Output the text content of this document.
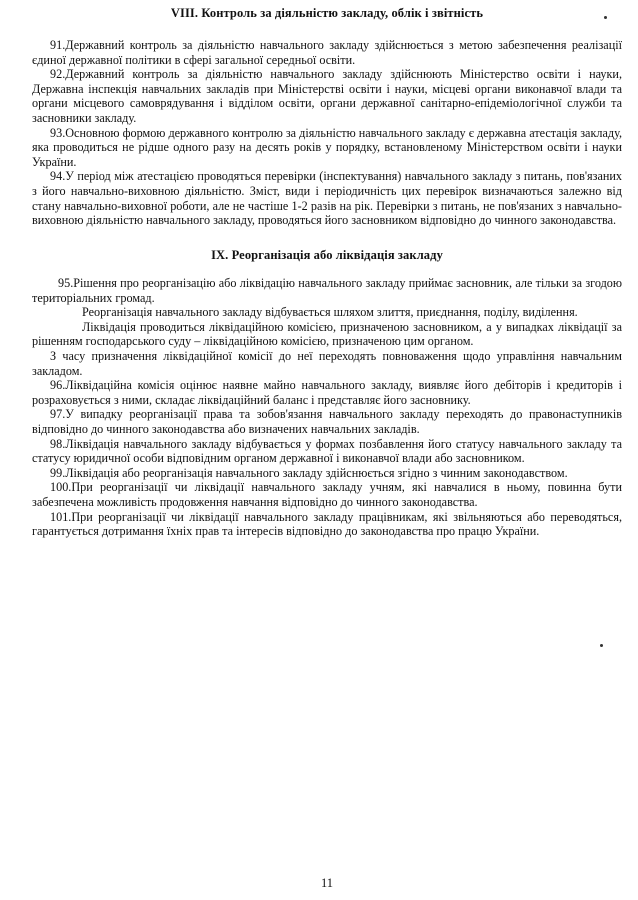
VIII. Контроль за діяльністю закладу, облік і звітність

91.Державний контроль за діяльністю навчального закладу здійснюється з метою забезпечення реалізації єдиної державної політики в сфері загальної середньої освіти.

92.Державний контроль за діяльністю навчального закладу здійснюють Міністерство освіти і науки, Державна інспекція навчальних закладів при Міністерстві освіти і науки, місцеві органи виконавчої влади та органи місцевого самоврядування і відділом освіти, органи державної санітарно-епідеміологічної служби та засновники закладу.

93.Основною формою державного контролю за діяльністю навчального закладу є державна атестація закладу, яка проводиться не рідше одного разу на десять років у порядку, встановленому Міністерством освіти і науки України.

94.У період між атестацією проводяться перевірки (інспектування) навчального закладу з питань, пов'язаних з його навчально-виховною діяльністю. Зміст, види і періодичність цих перевірок визначаються залежно від стану навчально-виховної роботи, але не частіше 1-2 разів на рік. Перевірки з питань, не пов'язаних з навчально-виховною діяльністю навчального закладу, проводяться його засновником відповідно до чинного законодавства.

IX. Реорганізація або ліквідація закладу

95.Рішення про реорганізацію або ліквідацію навчального закладу приймає засновник, але тільки за згодою територіальних громад.

Реорганізація навчального закладу відбувається шляхом злиття, приєднання, поділу, виділення.

Ліквідація проводиться ліквідаційною комісією, призначеною засновником, а у випадках ліквідації за рішенням господарського суду – ліквідаційною комісією, призначеною цим органом.

З часу призначення ліквідаційної комісії до неї переходять повноваження щодо управління навчальним закладом.

96.Ліквідаційна комісія оцінює наявне майно навчального закладу, виявляє його дебіторів і кредиторів і розраховується з ними, складає ліквідаційний баланс і представляє його засновнику.

97.У випадку реорганізації права та зобов'язання навчального закладу переходять до правонаступників відповідно до чинного законодавства або визначених навчальних закладів.

98.Ліквідація навчального закладу відбувається у формах позбавлення його статусу навчального закладу та статусу юридичної особи відповідним органом державної і виконавчої влади або засновником.

99.Ліквідація або реорганізація навчального закладу здійснюється згідно з чинним законодавством.

100.При реорганізації чи ліквідації навчального закладу учням, які навчалися в ньому, повинна бути забезпечена можливість продовження навчання відповідно до чинного законодавства.

101.При реорганізації чи ліквідації навчального закладу працівникам, які звільняються або переводяться, гарантується дотримання їхніх прав та інтересів відповідно до законодавства про працю України.

11
